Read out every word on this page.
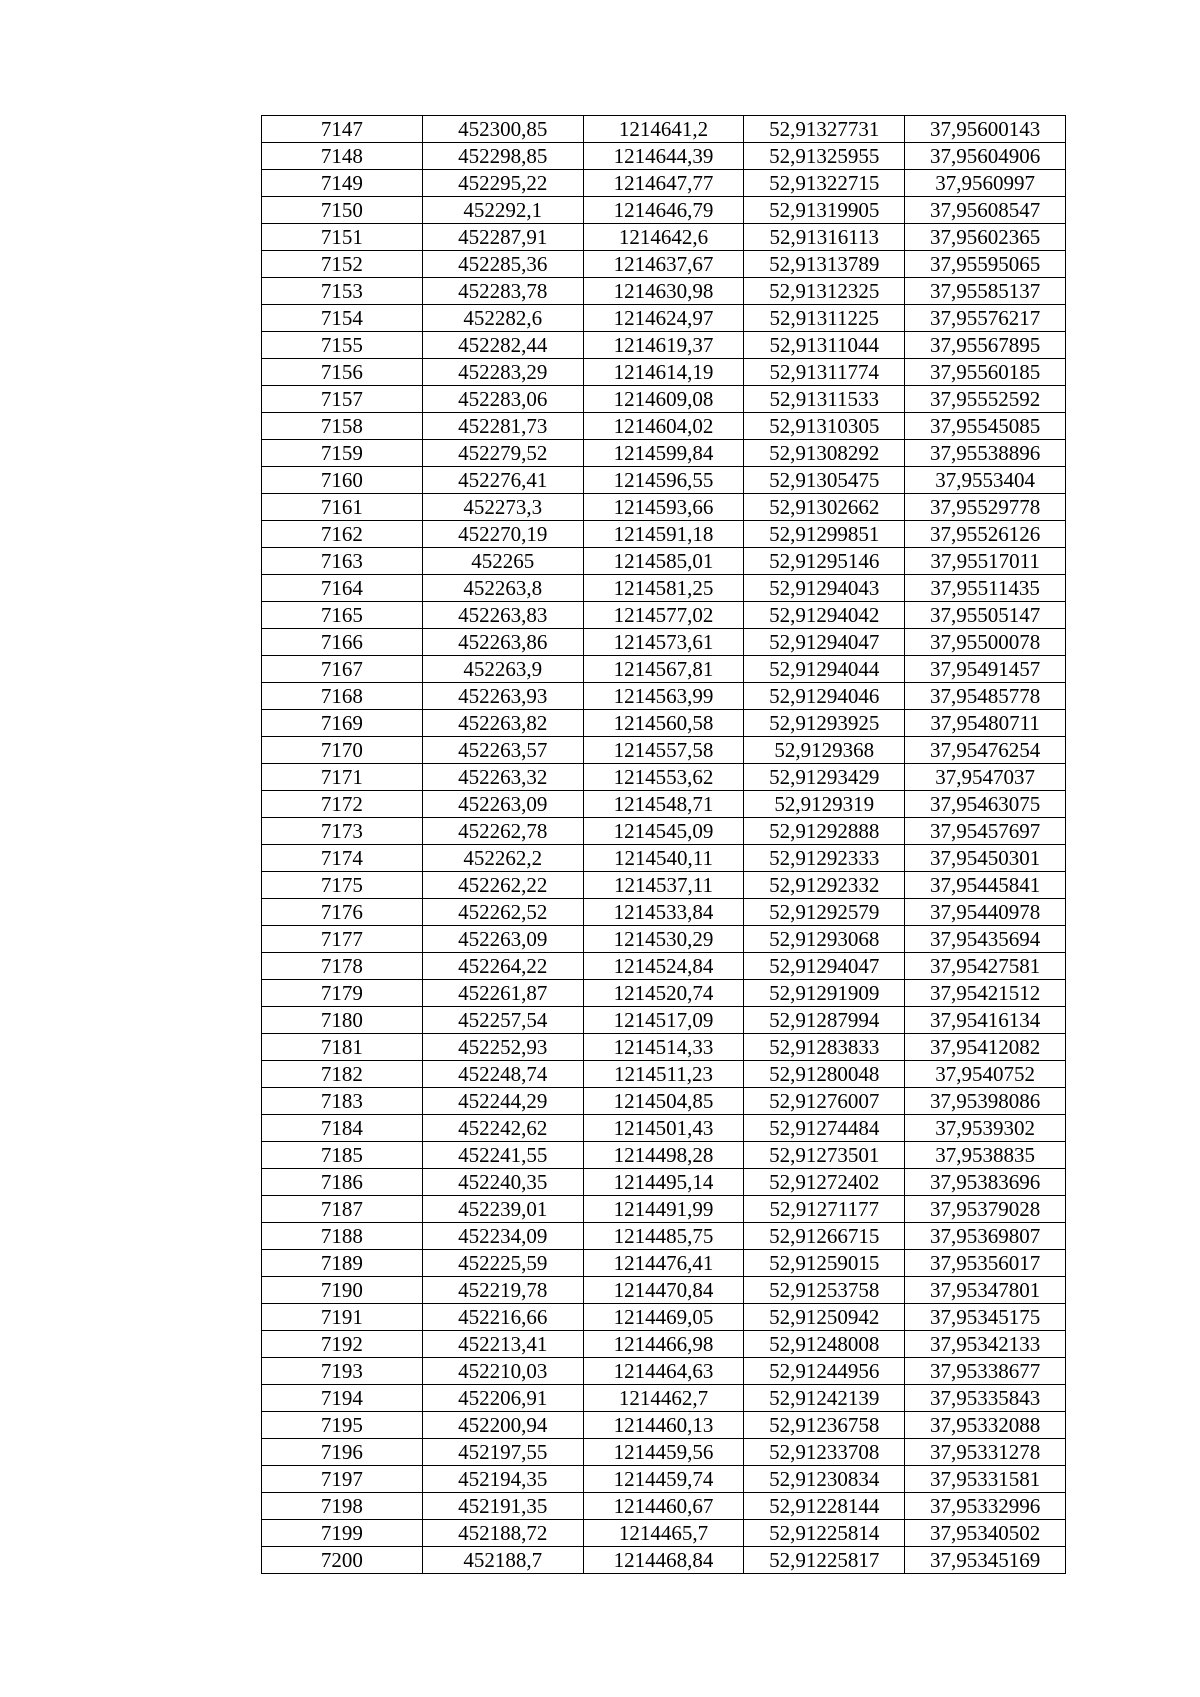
7147	452300,85	1214641,2	52,91327731	37,95600143
7148	452298,85	1214644,39	52,91325955	37,95604906
7149	452295,22	1214647,77	52,91322715	37,9560997
7150	452292,1	1214646,79	52,91319905	37,95608547
7151	452287,91	1214642,6	52,91316113	37,95602365
7152	452285,36	1214637,67	52,91313789	37,95595065
7153	452283,78	1214630,98	52,91312325	37,95585137
7154	452282,6	1214624,97	52,91311225	37,95576217
7155	452282,44	1214619,37	52,91311044	37,95567895
7156	452283,29	1214614,19	52,91311774	37,95560185
7157	452283,06	1214609,08	52,91311533	37,95552592
7158	452281,73	1214604,02	52,91310305	37,95545085
7159	452279,52	1214599,84	52,91308292	37,95538896
7160	452276,41	1214596,55	52,91305475	37,9553404
7161	452273,3	1214593,66	52,91302662	37,95529778
7162	452270,19	1214591,18	52,91299851	37,95526126
7163	452265	1214585,01	52,91295146	37,95517011
7164	452263,8	1214581,25	52,91294043	37,95511435
7165	452263,83	1214577,02	52,91294042	37,95505147
7166	452263,86	1214573,61	52,91294047	37,95500078
7167	452263,9	1214567,81	52,91294044	37,95491457
7168	452263,93	1214563,99	52,91294046	37,95485778
7169	452263,82	1214560,58	52,91293925	37,95480711
7170	452263,57	1214557,58	52,9129368	37,95476254
7171	452263,32	1214553,62	52,91293429	37,9547037
7172	452263,09	1214548,71	52,9129319	37,95463075
7173	452262,78	1214545,09	52,91292888	37,95457697
7174	452262,2	1214540,11	52,91292333	37,95450301
7175	452262,22	1214537,11	52,91292332	37,95445841
7176	452262,52	1214533,84	52,91292579	37,95440978
7177	452263,09	1214530,29	52,91293068	37,95435694
7178	452264,22	1214524,84	52,91294047	37,95427581
7179	452261,87	1214520,74	52,91291909	37,95421512
7180	452257,54	1214517,09	52,91287994	37,95416134
7181	452252,93	1214514,33	52,91283833	37,95412082
7182	452248,74	1214511,23	52,91280048	37,9540752
7183	452244,29	1214504,85	52,91276007	37,95398086
7184	452242,62	1214501,43	52,91274484	37,9539302
7185	452241,55	1214498,28	52,91273501	37,9538835
7186	452240,35	1214495,14	52,91272402	37,95383696
7187	452239,01	1214491,99	52,91271177	37,95379028
7188	452234,09	1214485,75	52,91266715	37,95369807
7189	452225,59	1214476,41	52,91259015	37,95356017
7190	452219,78	1214470,84	52,91253758	37,95347801
7191	452216,66	1214469,05	52,91250942	37,95345175
7192	452213,41	1214466,98	52,91248008	37,95342133
7193	452210,03	1214464,63	52,91244956	37,95338677
7194	452206,91	1214462,7	52,91242139	37,95335843
7195	452200,94	1214460,13	52,91236758	37,95332088
7196	452197,55	1214459,56	52,91233708	37,95331278
7197	452194,35	1214459,74	52,91230834	37,95331581
7198	452191,35	1214460,67	52,91228144	37,95332996
7199	452188,72	1214465,7	52,91225814	37,95340502
7200	452188,7	1214468,84	52,91225817	37,95345169
